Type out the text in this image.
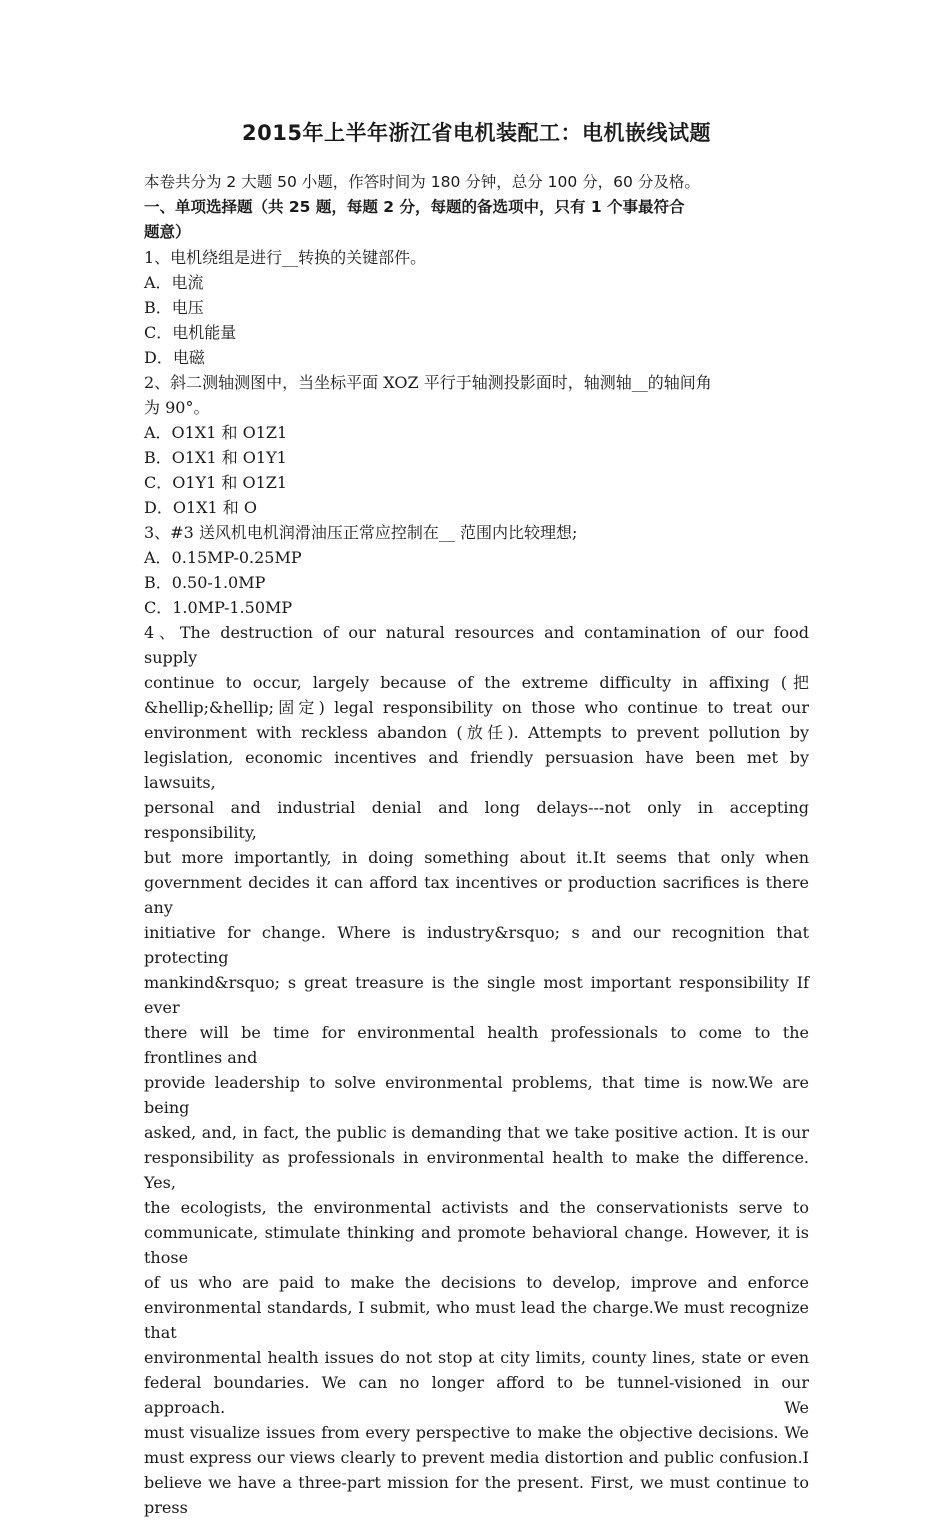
2015年上半年浙江省电机装配工：电机嵌线试题

本卷共分为 2 大题 50 小题，作答时间为 180 分钟，总分 100 分，60 分及格。

一、单项选择题（共 25 题，每题 2 分，每题的备选项中，只有 1 个事最符合

题意）

1、电机绕组是进行__转换的关键部件。

A．电流

B．电压

C．电机能量

D．电磁

2、斜二测轴测图中，当坐标平面 XOZ 平行于轴测投影面时，轴测轴__的轴间角

为 90°。

A．O1X1 和 O1Z1

B．O1X1 和 O1Y1

C．O1Y1 和 O1Z1

D．O1X1 和 O

3、#3 送风机电机润滑油压正常应控制在__ 范围内比较理想;

A．0.15MP-0.25MP

B．0.50-1.0MP

C．1.0MP-1.50MP

4、The destruction of our natural resources and contamination of our food supply
continue to occur, largely because of the extreme difficulty in affixing (把
&hellip;&hellip;固定) legal responsibility on those who continue to treat our
environment with reckless abandon (放任). Attempts to prevent pollution by
legislation, economic incentives and friendly persuasion have been met by lawsuits,
personal and industrial denial and long delays---not only in accepting responsibility,
but more importantly, in doing something about it.It seems that only when
government decides it can afford tax incentives or production sacrifices is there any
initiative for change. Where is industry&rsquo; s and our recognition that protecting
mankind&rsquo; s great treasure is the single most important responsibility If ever
there will be time for environmental health professionals to come to the frontlines and
provide leadership to solve environmental problems, that time is now.We are being
asked, and, in fact, the public is demanding that we take positive action. It is our
responsibility as professionals in environmental health to make the difference. Yes,
the ecologists, the environmental activists and the conservationists serve to
communicate, stimulate thinking and promote behavioral change. However, it is those
of us who are paid to make the decisions to develop, improve and enforce
environmental standards, I submit, who must lead the charge.We must recognize that
environmental health issues do not stop at city limits, county lines, state or even
federal boundaries. We can no longer afford to be tunnel-visioned in our approach. We
must visualize issues from every perspective to make the objective decisions. We
must express our views clearly to prevent media distortion and public confusion.I
believe we have a three-part mission for the present. First, we must continue to press
